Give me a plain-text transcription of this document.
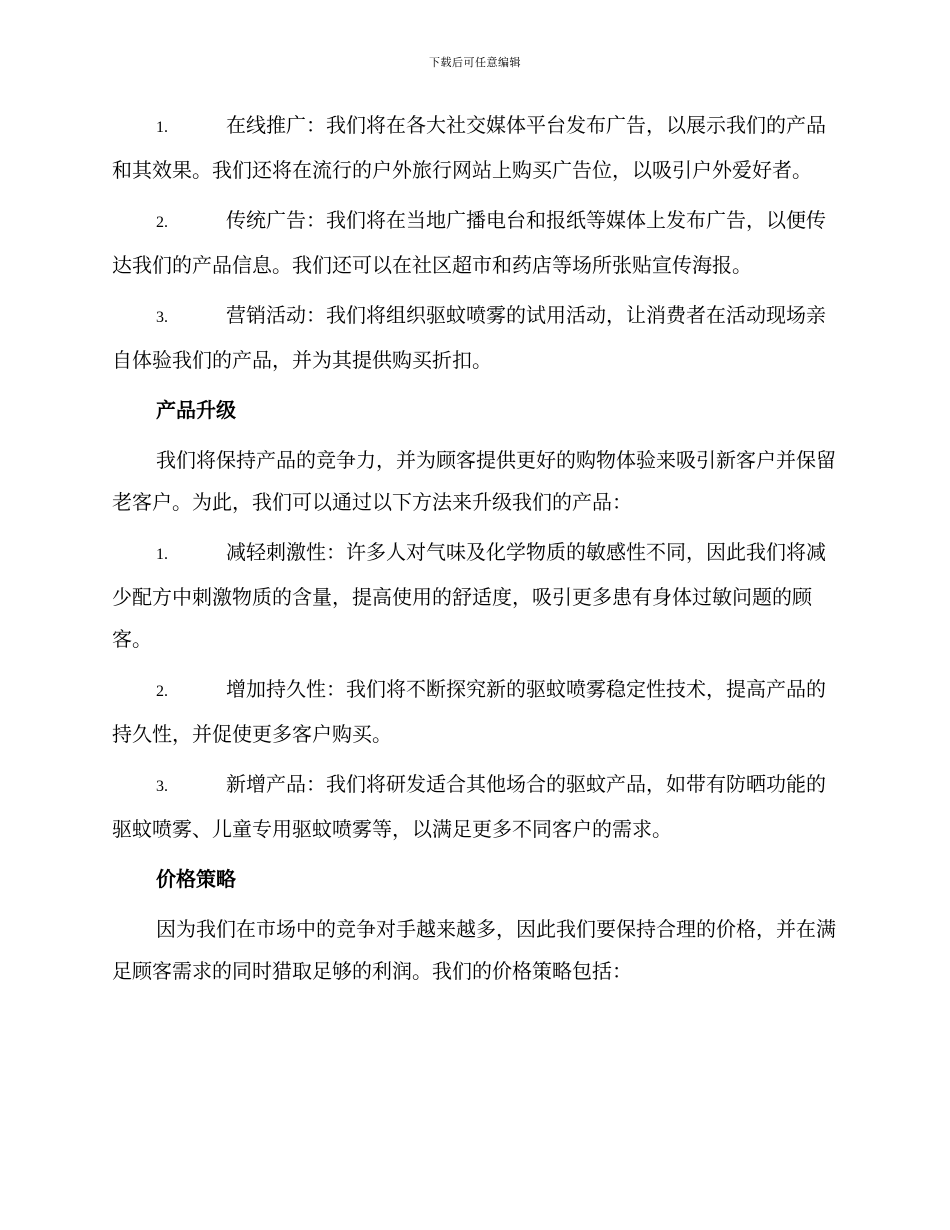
下载后可任意编辑

1.	在线推广：我们将在各大社交媒体平台发布广告，以展示我们的产品和其效果。我们还将在流行的户外旅行网站上购买广告位，以吸引户外爱好者。

2.	传统广告：我们将在当地广播电台和报纸等媒体上发布广告，以便传达我们的产品信息。我们还可以在社区超市和药店等场所张贴宣传海报。

3.	营销活动：我们将组织驱蚊喷雾的试用活动，让消费者在活动现场亲自体验我们的产品，并为其提供购买折扣。

产品升级

我们将保持产品的竞争力，并为顾客提供更好的购物体验来吸引新客户并保留老客户。为此，我们可以通过以下方法来升级我们的产品：

1.	减轻刺激性：许多人对气味及化学物质的敏感性不同，因此我们将减少配方中刺激物质的含量，提高使用的舒适度，吸引更多患有身体过敏问题的顾客。

2.	增加持久性：我们将不断探究新的驱蚊喷雾稳定性技术，提高产品的持久性，并促使更多客户购买。

3.	新增产品：我们将研发适合其他场合的驱蚊产品，如带有防晒功能的驱蚊喷雾、儿童专用驱蚊喷雾等，以满足更多不同客户的需求。

价格策略

因为我们在市场中的竞争对手越来越多，因此我们要保持合理的价格，并在满足顾客需求的同时猎取足够的利润。我们的价格策略包括：
